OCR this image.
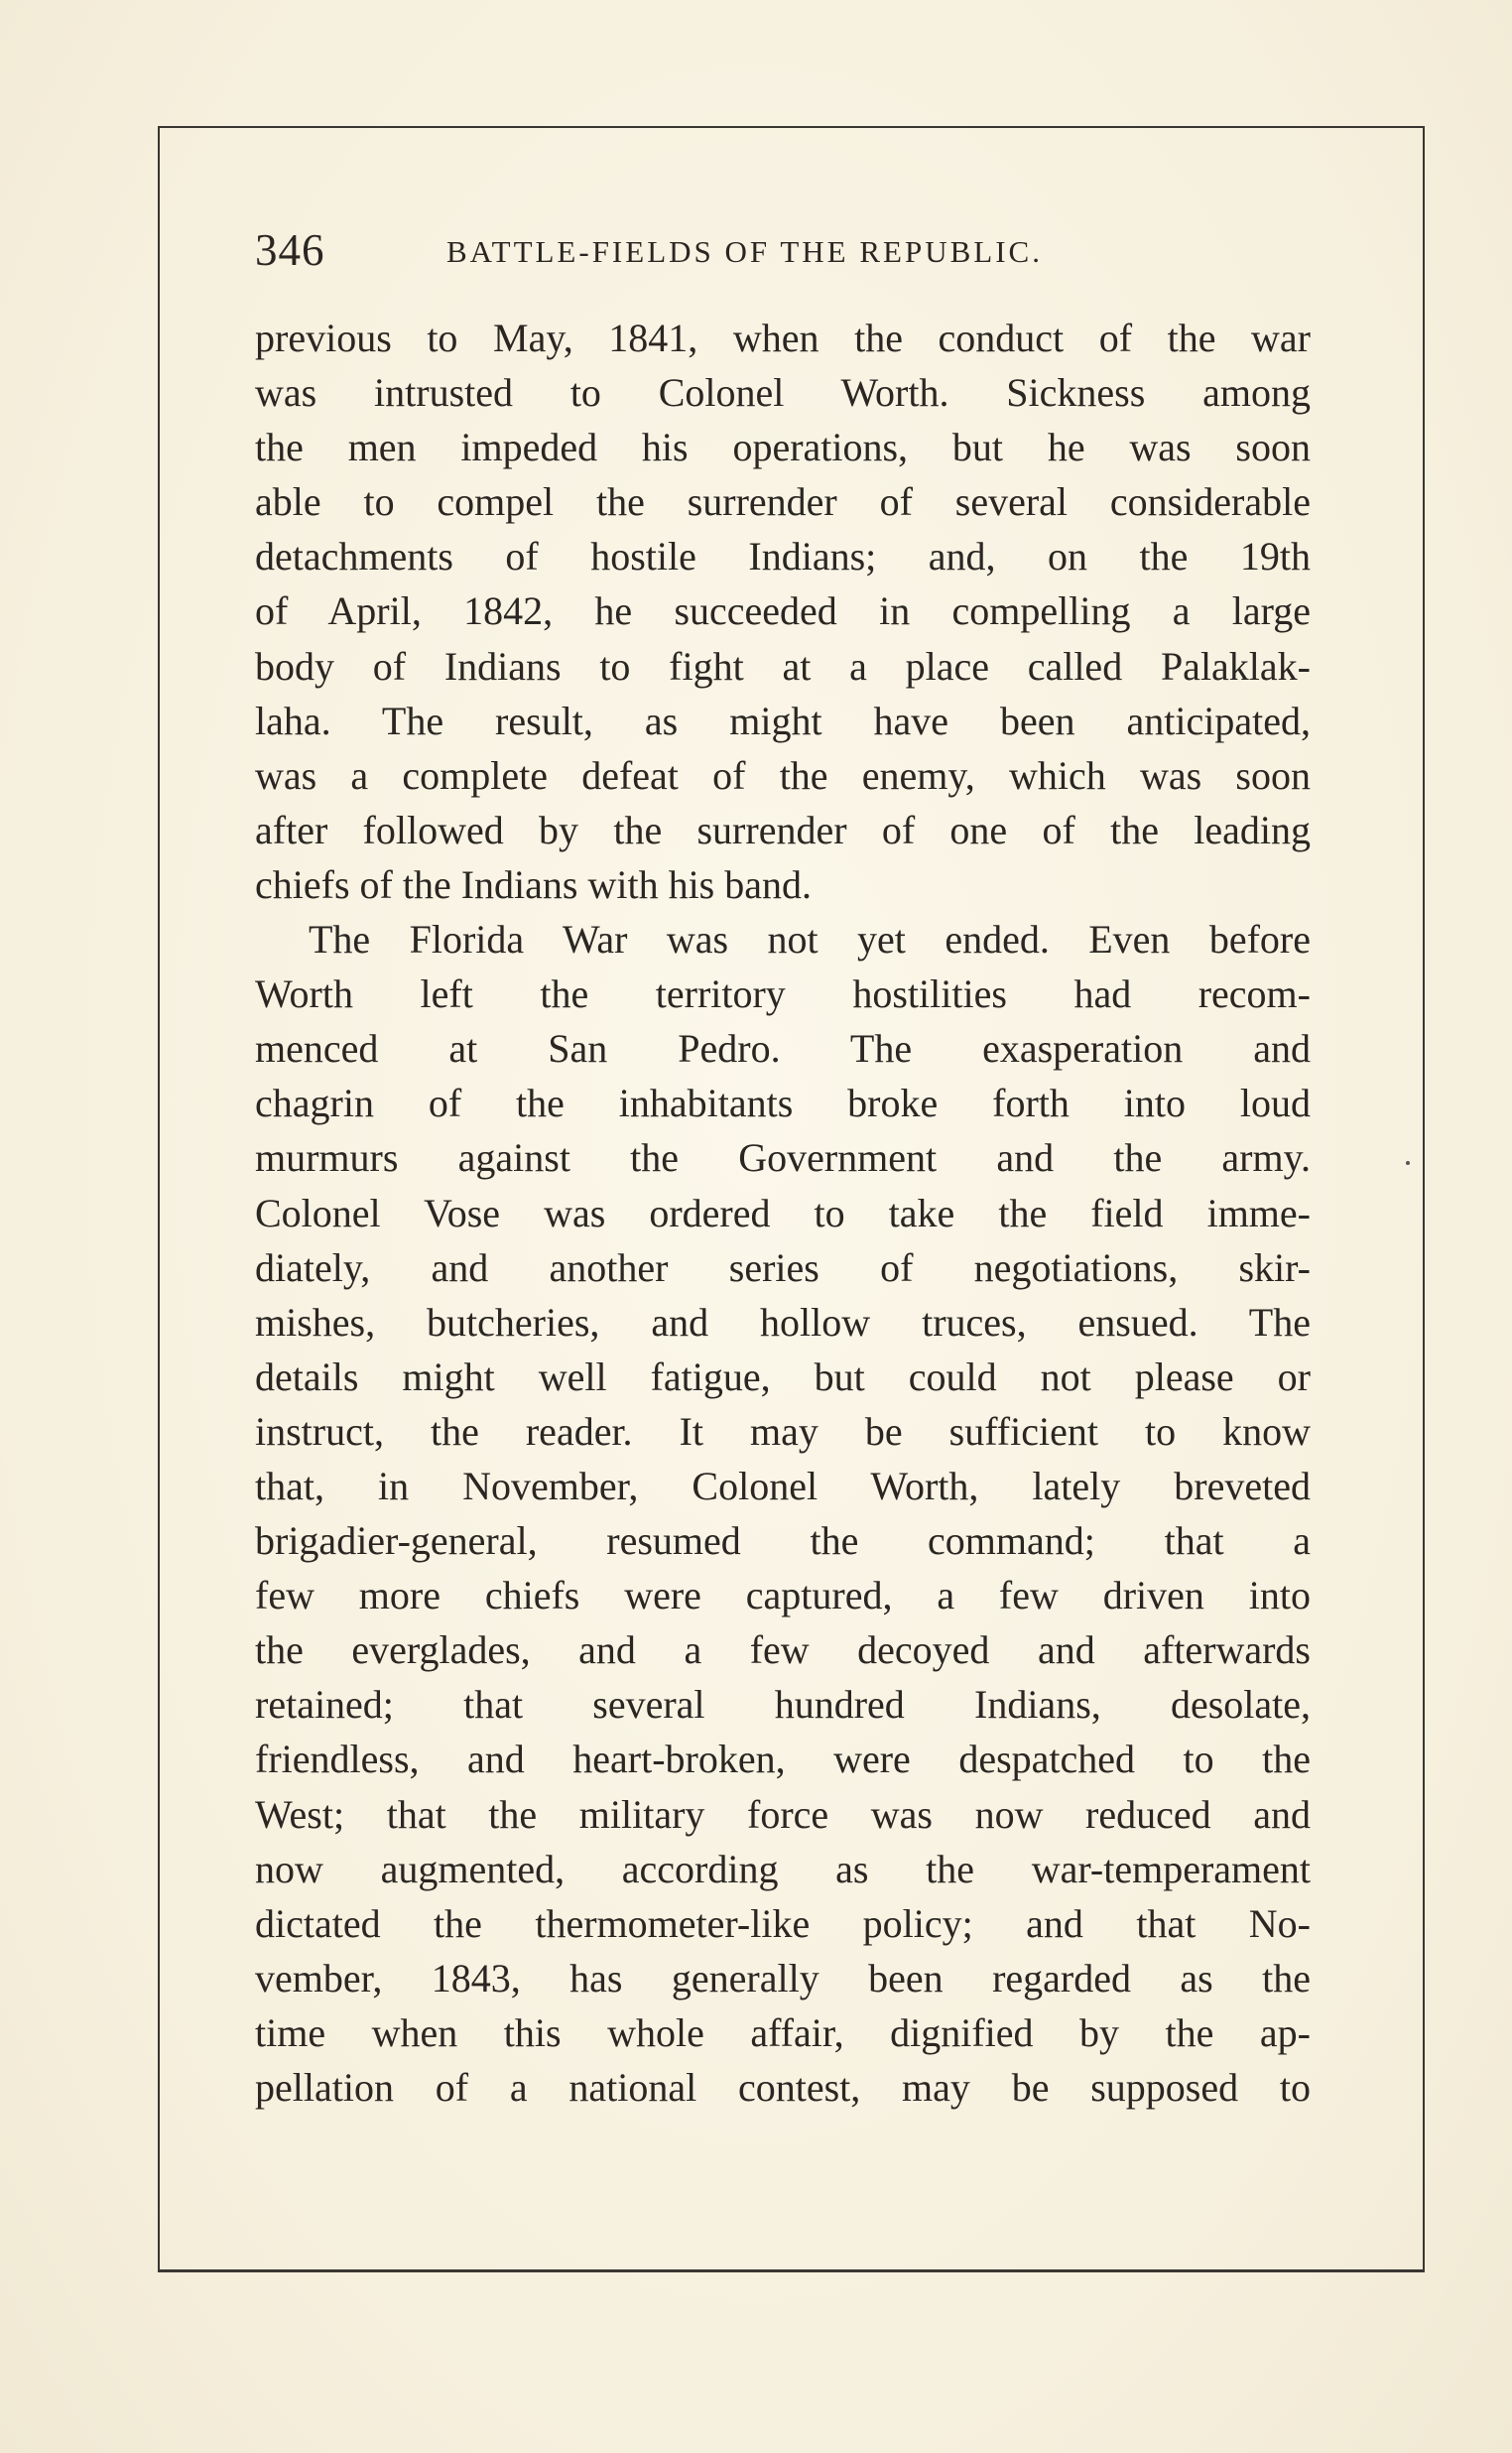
346	BATTLE-FIELDS OF THE REPUBLIC.
previous to May, 1841, when the conduct of the war
was intrusted to Colonel Worth. Sickness among
the men impeded his operations, but he was soon
able to compel the surrender of several considerable
detachments of hostile Indians; and, on the 19th
of April, 1842, he succeeded in compelling a large
body of Indians to fight at a place called Palaklak-
laha. The result, as might have been anticipated,
was a complete defeat of the enemy, which was soon
after followed by the surrender of one of the leading
chiefs of the Indians with his band.
The Florida War was not yet ended. Even before
Worth left the territory hostilities had recom-
menced at San Pedro. The exasperation and
chagrin of the inhabitants broke forth into loud
murmurs against the Government and the army.
Colonel Vose was ordered to take the field imme-
diately, and another series of negotiations, skir-
mishes, butcheries, and hollow truces, ensued. The
details might well fatigue, but could not please or
instruct, the reader. It may be sufficient to know
that, in November, Colonel Worth, lately breveted
brigadier-general, resumed the command; that a
few more chiefs were captured, a few driven into
the everglades, and a few decoyed and afterwards
retained; that several hundred Indians, desolate,
friendless, and heart-broken, were despatched to the
West; that the military force was now reduced and
now augmented, according as the war-temperament
dictated the thermometer-like policy; and that No-
vember, 1843, has generally been regarded as the
time when this whole affair, dignified by the ap-
pellation of a national contest, may be supposed to
